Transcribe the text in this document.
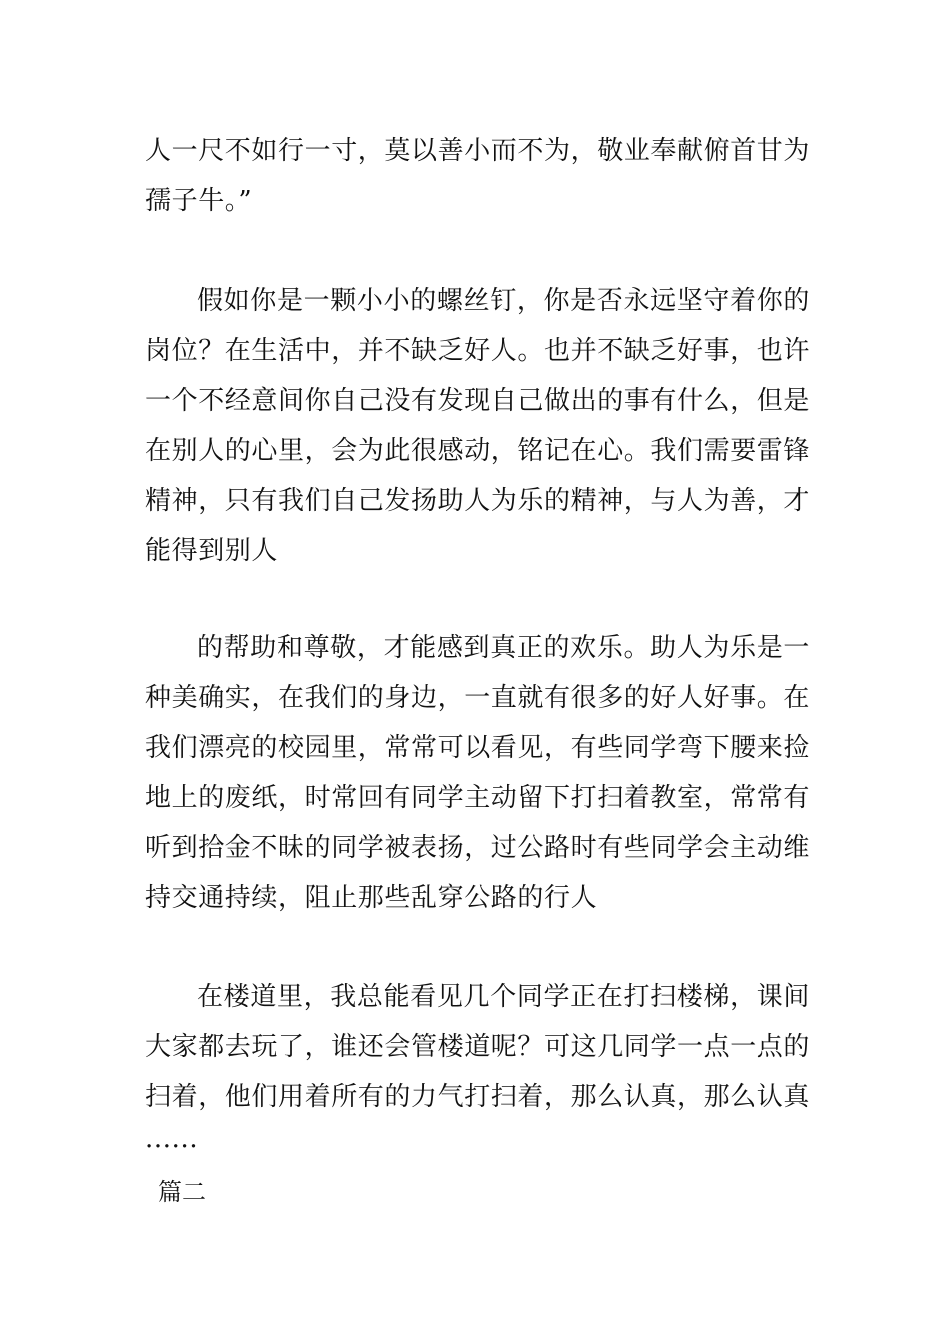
人一尺不如行一寸，莫以善小而不为，敬业奉献俯首甘为孺子牛。”

假如你是一颗小小的螺丝钉，你是否永远坚守着你的岗位？在生活中，并不缺乏好人。也并不缺乏好事，也许一个不经意间你自己没有发现自己做出的事有什么，但是在别人的心里，会为此很感动，铭记在心。我们需要雷锋精神，只有我们自己发扬助人为乐的精神，与人为善，才能得到别人

的帮助和尊敬，才能感到真正的欢乐。助人为乐是一种美确实，在我们的身边，一直就有很多的好人好事。在我们漂亮的校园里，常常可以看见，有些同学弯下腰来捡地上的废纸，时常回有同学主动留下打扫着教室，常常有听到拾金不昧的同学被表扬，过公路时有些同学会主动维持交通持续，阻止那些乱穿公路的行人

在楼道里，我总能看见几个同学正在打扫楼梯，课间大家都去玩了，谁还会管楼道呢？可这几同学一点一点的扫着，他们用着所有的力气打扫着，那么认真，那么认真······

篇二
